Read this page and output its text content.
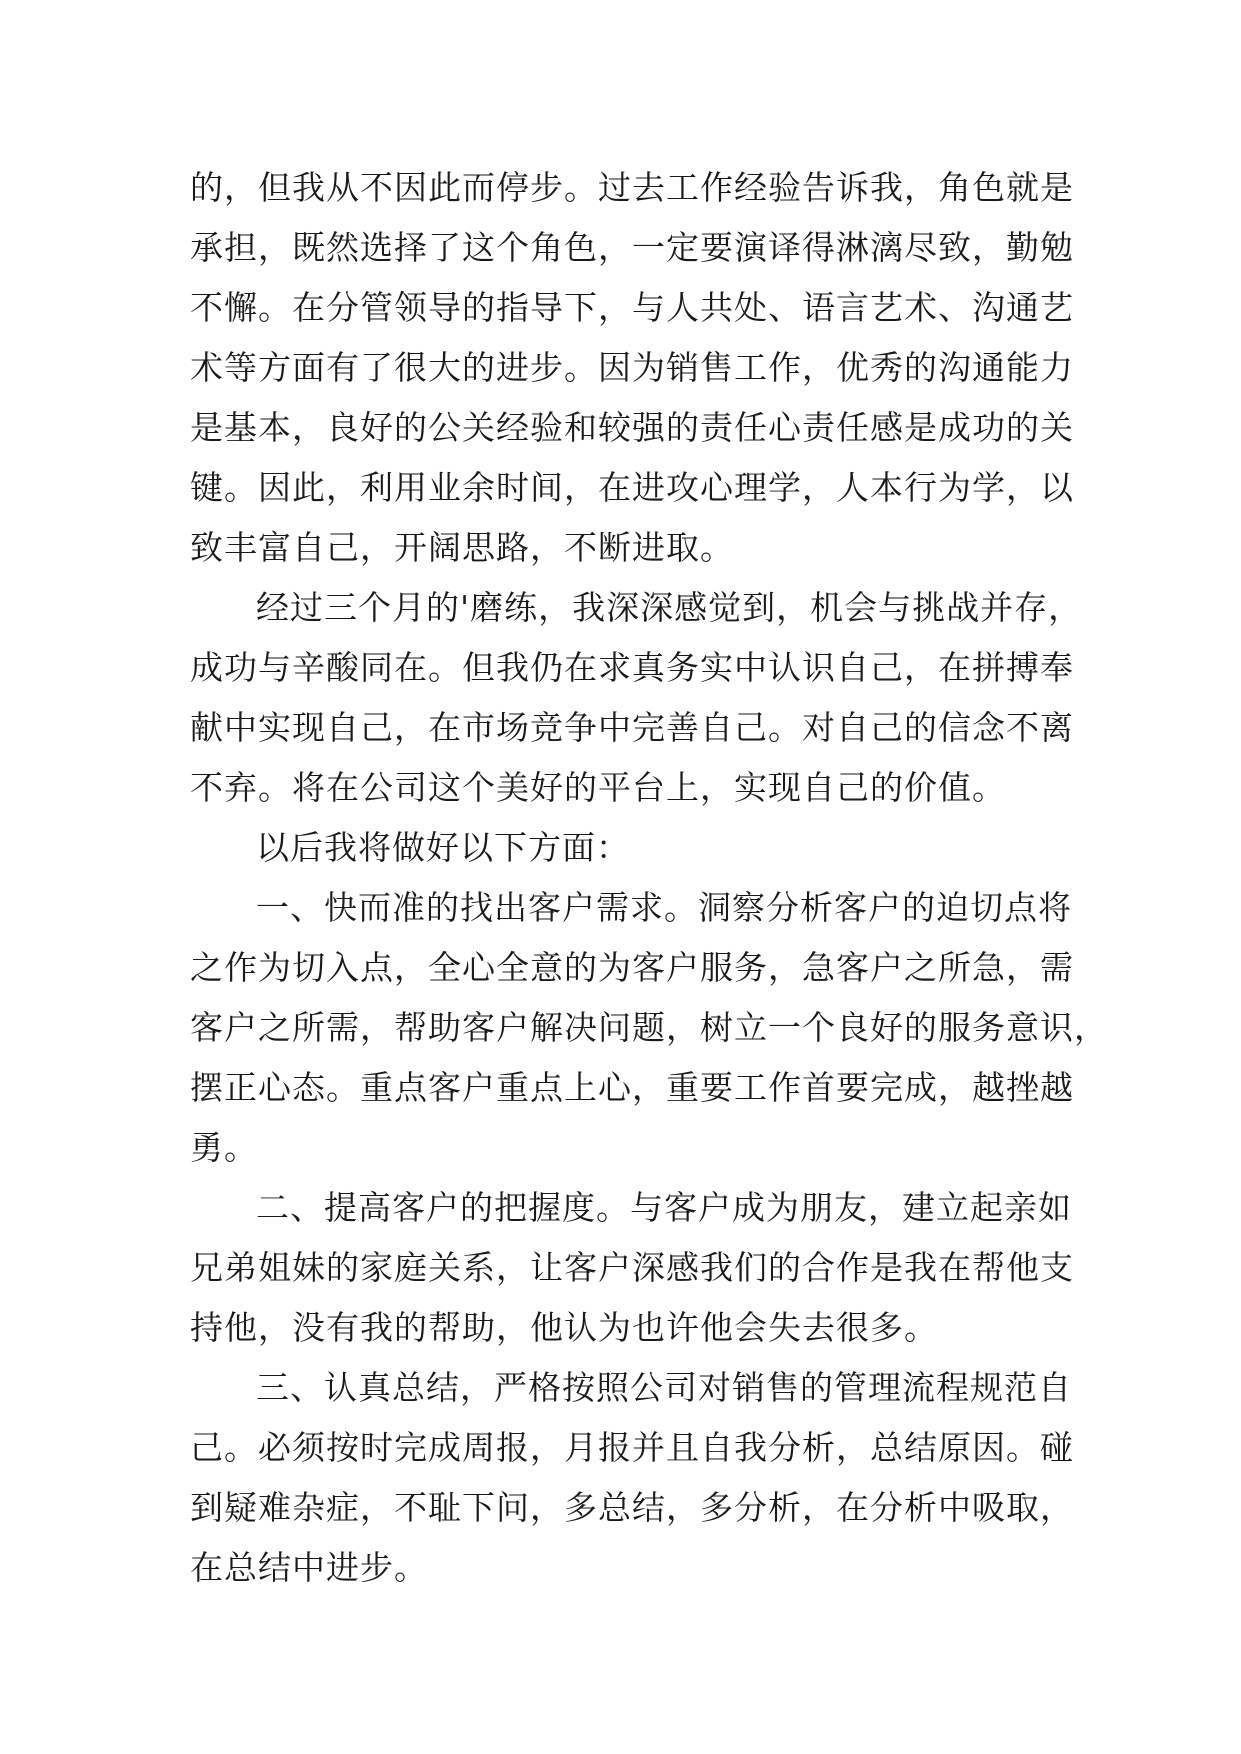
的，但我从不因此而停步。过去工作经验告诉我，角色就是
承担，既然选择了这个角色，一定要演译得淋漓尽致，勤勉
不懈。在分管领导的指导下，与人共处、语言艺术、沟通艺
术等方面有了很大的进步。因为销售工作，优秀的沟通能力
是基本，良好的公关经验和较强的责任心责任感是成功的关
键。因此，利用业余时间，在进攻心理学，人本行为学，以
致丰富自己，开阔思路，不断进取。

经过三个月的'磨练，我深深感觉到，机会与挑战并存，
成功与辛酸同在。但我仍在求真务实中认识自己，在拼搏奉
献中实现自己，在市场竞争中完善自己。对自己的信念不离
不弃。将在公司这个美好的平台上，实现自己的价值。

以后我将做好以下方面：

一、快而准的找出客户需求。洞察分析客户的迫切点将
之作为切入点，全心全意的为客户服务，急客户之所急，需
客户之所需，帮助客户解决问题，树立一个良好的服务意识，
摆正心态。重点客户重点上心，重要工作首要完成，越挫越
勇。

二、提高客户的把握度。与客户成为朋友，建立起亲如
兄弟姐妹的家庭关系，让客户深感我们的合作是我在帮他支
持他，没有我的帮助，他认为也许他会失去很多。

三、认真总结，严格按照公司对销售的管理流程规范自
己。必须按时完成周报，月报并且自我分析，总结原因。碰
到疑难杂症，不耻下问，多总结，多分析，在分析中吸取，
在总结中进步。
